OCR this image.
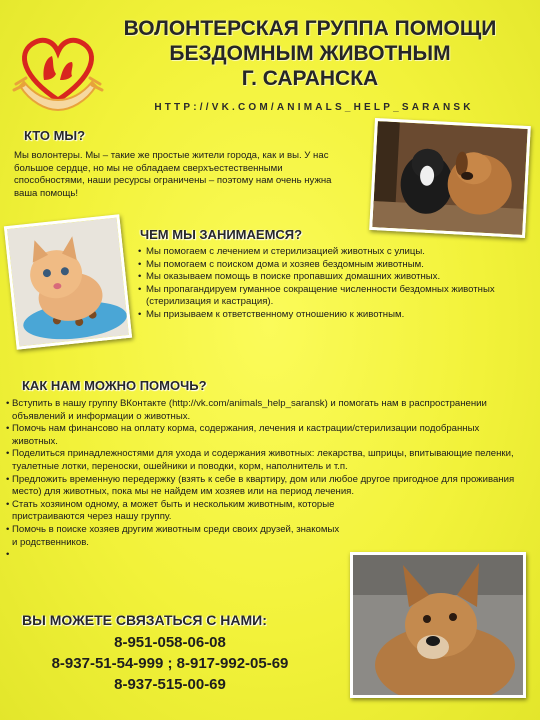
ВОЛОНТЕРСКАЯ ГРУППА ПОМОЩИ
БЕЗДОМНЫМ ЖИВОТНЫМ
Г. САРАНСКА
HTTP://VK.COM/ANIMALS_HELP_SARANSK
КТО МЫ?
Мы волонтеры. Мы – такие же простые жители города, как и вы. У нас большое сердце, но мы не обладаем сверхъестественными способностями, наши ресурсы ограничены – поэтому нам очень нужна ваша помощь!
ЧЕМ МЫ ЗАНИМАЕМСЯ?
• Мы помогаем с лечением и стерилизацией животных с улицы.
• Мы помогаем с поиском дома и хозяев бездомным животным.
• Мы оказываем помощь в поиске пропавших домашних животных.
• Мы пропагандируем гуманное сокращение численности бездомных животных (стерилизация и кастрация).
• Мы призываем к ответственному отношению к животным.
КАК НАМ МОЖНО ПОМОЧЬ?
• Вступить в нашу группу ВКонтакте (http://vk.com/animals_help_saransk) и помогать нам в распространении объявлений и информации о животных.
• Помочь нам финансово на оплату корма, содержания, лечения и кастрации/стерилизации подобранных животных.
• Поделиться принадлежностями для ухода и содержания животных: лекарства, шприцы, впитывающие пеленки, туалетные лотки, переноски, ошейники и поводки, корм, наполнитель и т.п.
• Предложить временную передержку (взять к себе в квартиру, дом или любое другое пригодное для проживания место) для животных, пока мы не найдем им хозяев или на период лечения.
• Стать хозяином одному, а может быть и нескольким животным, которые пристраиваются через нашу группу.
• Помочь в поиске хозяев другим животным среди своих друзей, знакомых и родственников.
•
ВЫ МОЖЕТЕ СВЯЗАТЬСЯ С НАМИ:
8-951-058-06-08
8-937-51-54-999 ; 8-917-992-05-69
8-937-515-00-69
